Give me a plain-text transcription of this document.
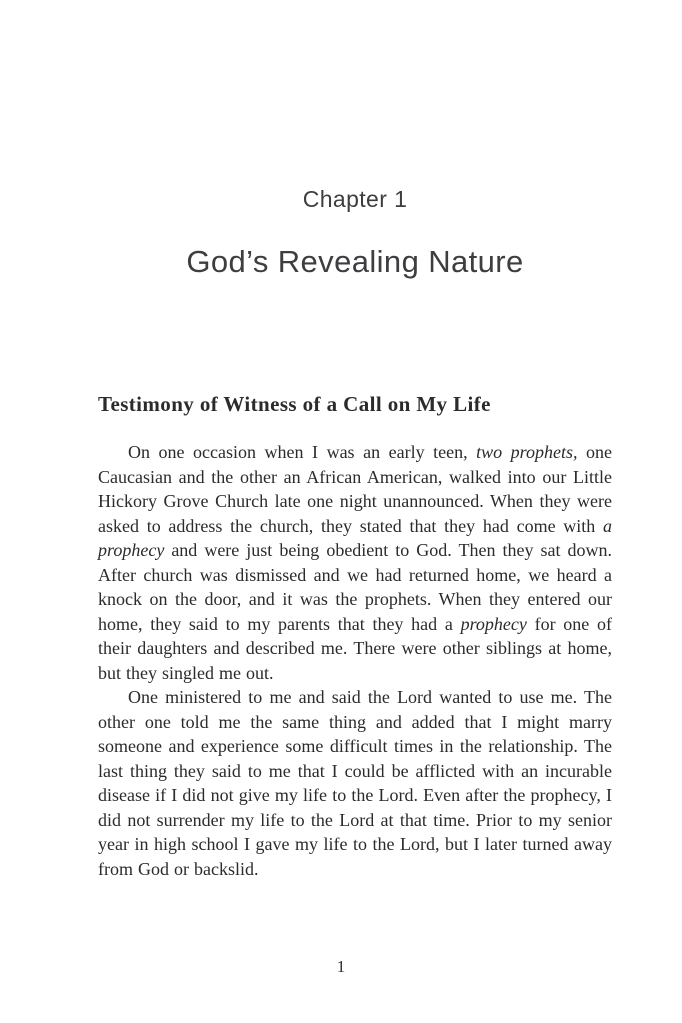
Chapter 1
God’s Revealing Nature
Testimony of Witness of a Call on My Life

On one occasion when I was an early teen, two prophets, one Caucasian and the other an African American, walked into our Little Hickory Grove Church late one night unannounced. When they were asked to address the church, they stated that they had come with a prophecy and were just being obedient to God. Then they sat down. After church was dismissed and we had returned home, we heard a knock on the door, and it was the prophets. When they entered our home, they said to my parents that they had a prophecy for one of their daughters and described me. There were other siblings at home, but they singled me out.

One ministered to me and said the Lord wanted to use me. The other one told me the same thing and added that I might marry someone and experience some difficult times in the relationship. The last thing they said to me that I could be afflicted with an incurable disease if I did not give my life to the Lord. Even after the prophecy, I did not surrender my life to the Lord at that time. Prior to my senior year in high school I gave my life to the Lord, but I later turned away from God or backslid.

1
